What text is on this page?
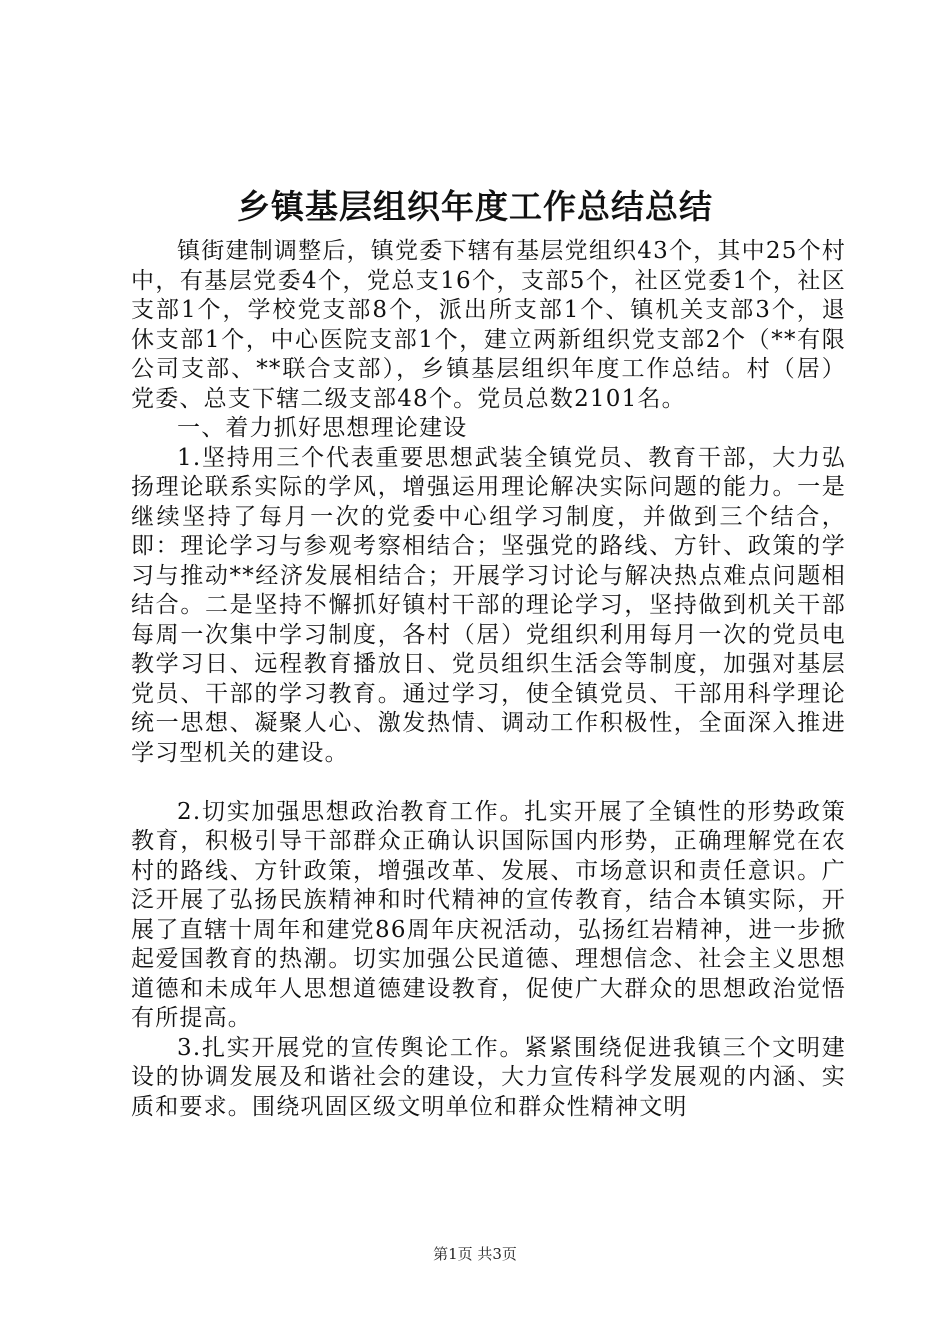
乡镇基层组织年度工作总结总结

镇街建制调整后，镇党委下辖有基层党组织43个，其中25个村中，有基层党委4个，党总支16个，支部5个，社区党委1个，社区支部1个，学校党支部8个，派出所支部1个、镇机关支部3个，退休支部1个，中心医院支部1个，建立两新组织党支部2个（**有限公司支部、**联合支部），乡镇基层组织年度工作总结。村（居）党委、总支下辖二级支部48个。党员总数2101名。

一、着力抓好思想理论建设

1.坚持用三个代表重要思想武装全镇党员、教育干部，大力弘扬理论联系实际的学风，增强运用理论解决实际问题的能力。一是继续坚持了每月一次的党委中心组学习制度，并做到三个结合，即：理论学习与参观考察相结合；坚强党的路线、方针、政策的学习与推动**经济发展相结合；开展学习讨论与解决热点难点问题相结合。二是坚持不懈抓好镇村干部的理论学习，坚持做到机关干部每周一次集中学习制度，各村（居）党组织利用每月一次的党员电教学习日、远程教育播放日、党员组织生活会等制度，加强对基层党员、干部的学习教育。通过学习，使全镇党员、干部用科学理论统一思想、凝聚人心、激发热情、调动工作积极性，全面深入推进学习型机关的建设。

2.切实加强思想政治教育工作。扎实开展了全镇性的形势政策教育，积极引导干部群众正确认识国际国内形势，正确理解党在农村的路线、方针政策，增强改革、发展、市场意识和责任意识。广泛开展了弘扬民族精神和时代精神的宣传教育，结合本镇实际，开展了直辖十周年和建党86周年庆祝活动，弘扬红岩精神，进一步掀起爱国教育的热潮。切实加强公民道德、理想信念、社会主义思想道德和未成年人思想道德建设教育，促使广大群众的思想政治觉悟有所提高。

3.扎实开展党的宣传舆论工作。紧紧围绕促进我镇三个文明建设的协调发展及和谐社会的建设，大力宣传科学发展观的内涵、实质和要求。围绕巩固区级文明单位和群众性精神文明

第1页 共3页
